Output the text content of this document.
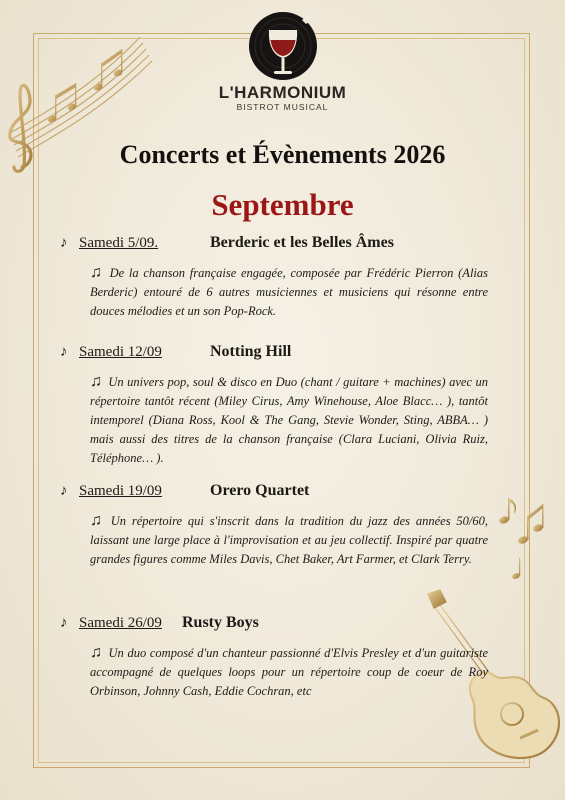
L'HARMONIUM
BISTROT MUSICAL
Concerts et Évènements 2026
Septembre
♪ Samedi 5/09.	Berderic et les Belles Âmes
♫ De la chanson française engagée, composée par Frédéric Pierron (Alias Berderic) entouré de 6 autres musiciennes et musiciens qui résonne entre douces mélodies et un son Pop-Rock.
♪ Samedi 12/09	Notting Hill
♫ Un univers pop, soul & disco en Duo (chant / guitare + machines) avec un répertoire tantôt récent (Miley Cirus, Amy Winehouse, Aloe Blacc… ), tantôt intemporel (Diana Ross, Kool & The Gang, Stevie Wonder, Sting, ABBA… ) mais aussi des titres de la chanson française (Clara Luciani, Olivia Ruiz, Téléphone… ).
♪ Samedi 19/09	Orero Quartet
♫ Un répertoire qui s'inscrit dans la tradition du jazz des années 50/60, laissant une large place à l'improvisation et au jeu collectif. Inspiré par quatre grandes figures comme Miles Davis, Chet Baker, Art Farmer, et Clark Terry.
♪ Samedi 26/09 Rusty Boys
♫ Un duo composé d'un chanteur passionné d'Elvis Presley et d'un guitariste accompagné de quelques loops pour un répertoire coup de coeur de Roy Orbinson, Johnny Cash, Eddie Cochran, etc
